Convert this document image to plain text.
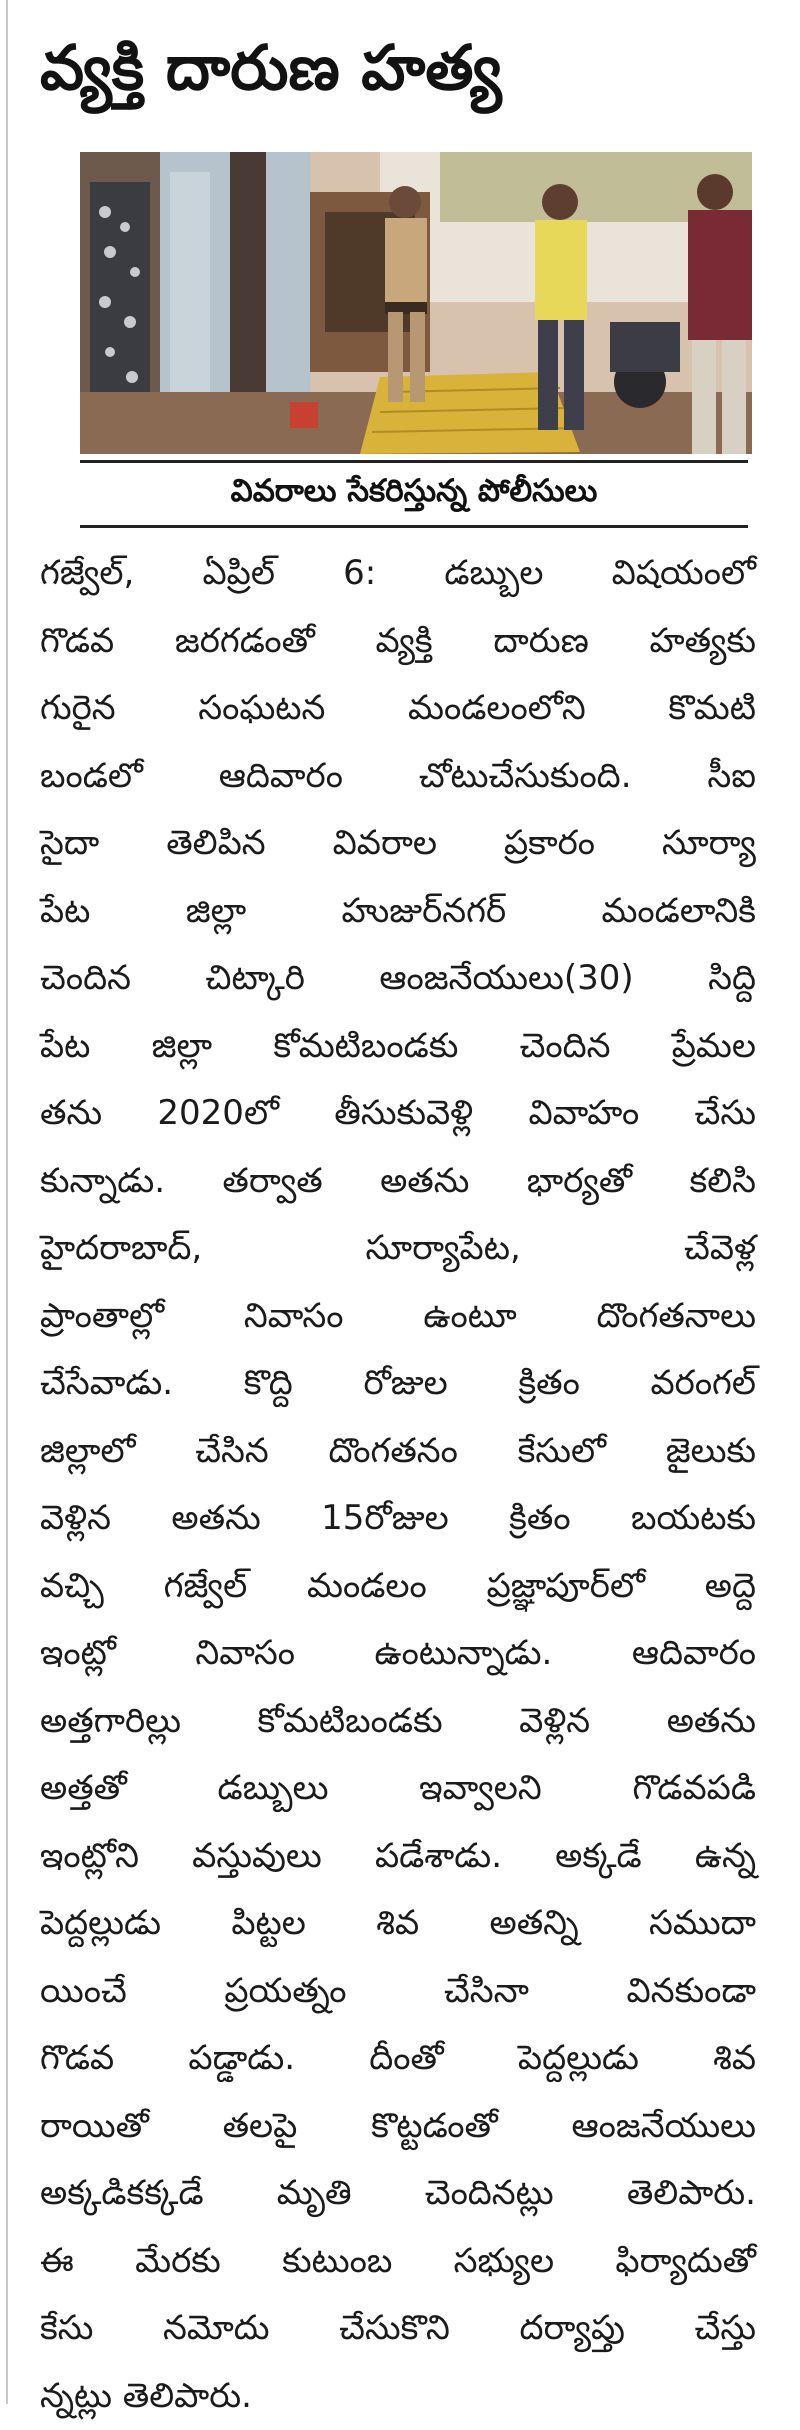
వ్యక్తి దారుణ హత్య
వివరాలు సేకరిస్తున్న పోలీసులు
గజ్వేల్, ఏప్రిల్ 6: డబ్బుల విషయంలో
గొడవ జరగడంతో వ్యక్తి దారుణ హత్యకు
గురైన సంఘటన మండలంలోని కొమటి
బండలో ఆదివారం చోటుచేసుకుంది. సీఐ
సైదా తెలిపిన వివరాల ప్రకారం సూర్యా
పేట జిల్లా హుజుర్‌నగర్ మండలానికి
చెందిన చిట్కారి ఆంజనేయులు(30) సిద్ది
పేట జిల్లా కోమటిబండకు చెందిన ప్రేమల
తను 2020లో తీసుకువెళ్లి వివాహం చేసు
కున్నాడు. తర్వాత అతను భార్యతో కలిసి
హైదరాబాద్, సూర్యాపేట, చేవెళ్ల
ప్రాంతాల్లో నివాసం ఉంటూ దొంగతనాలు
చేసేవాడు. కొద్ది రోజుల క్రితం వరంగల్
జిల్లాలో చేసిన దొంగతనం కేసులో జైలుకు
వెళ్లిన అతను 15రోజుల క్రితం బయటకు
వచ్చి గజ్వేల్ మండలం ప్రజ్ఞాపూర్‌లో అద్దె
ఇంట్లో నివాసం ఉంటున్నాడు. ఆదివారం
అత్తగారిల్లు కోమటిబండకు వెళ్లిన అతను
అత్తతో డబ్బులు ఇవ్వాలని గొడవపడి
ఇంట్లోని వస్తువులు పడేశాడు. అక్కడే ఉన్న
పెద్దల్లుడు పిట్టల శివ అతన్ని సముదా
యించే ప్రయత్నం చేసినా వినకుండా
గొడవ పడ్డాడు. దీంతో పెద్దల్లుడు శివ
రాయితో తలపై కొట్టడంతో ఆంజనేయులు
అక్కడికక్కడే మృతి చెందినట్లు తెలిపారు.
ఈ మేరకు కుటుంబ సభ్యుల ఫిర్యాదుతో
కేసు నమోదు చేసుకొని దర్యాప్తు చేస్తు
న్నట్లు తెలిపారు.
